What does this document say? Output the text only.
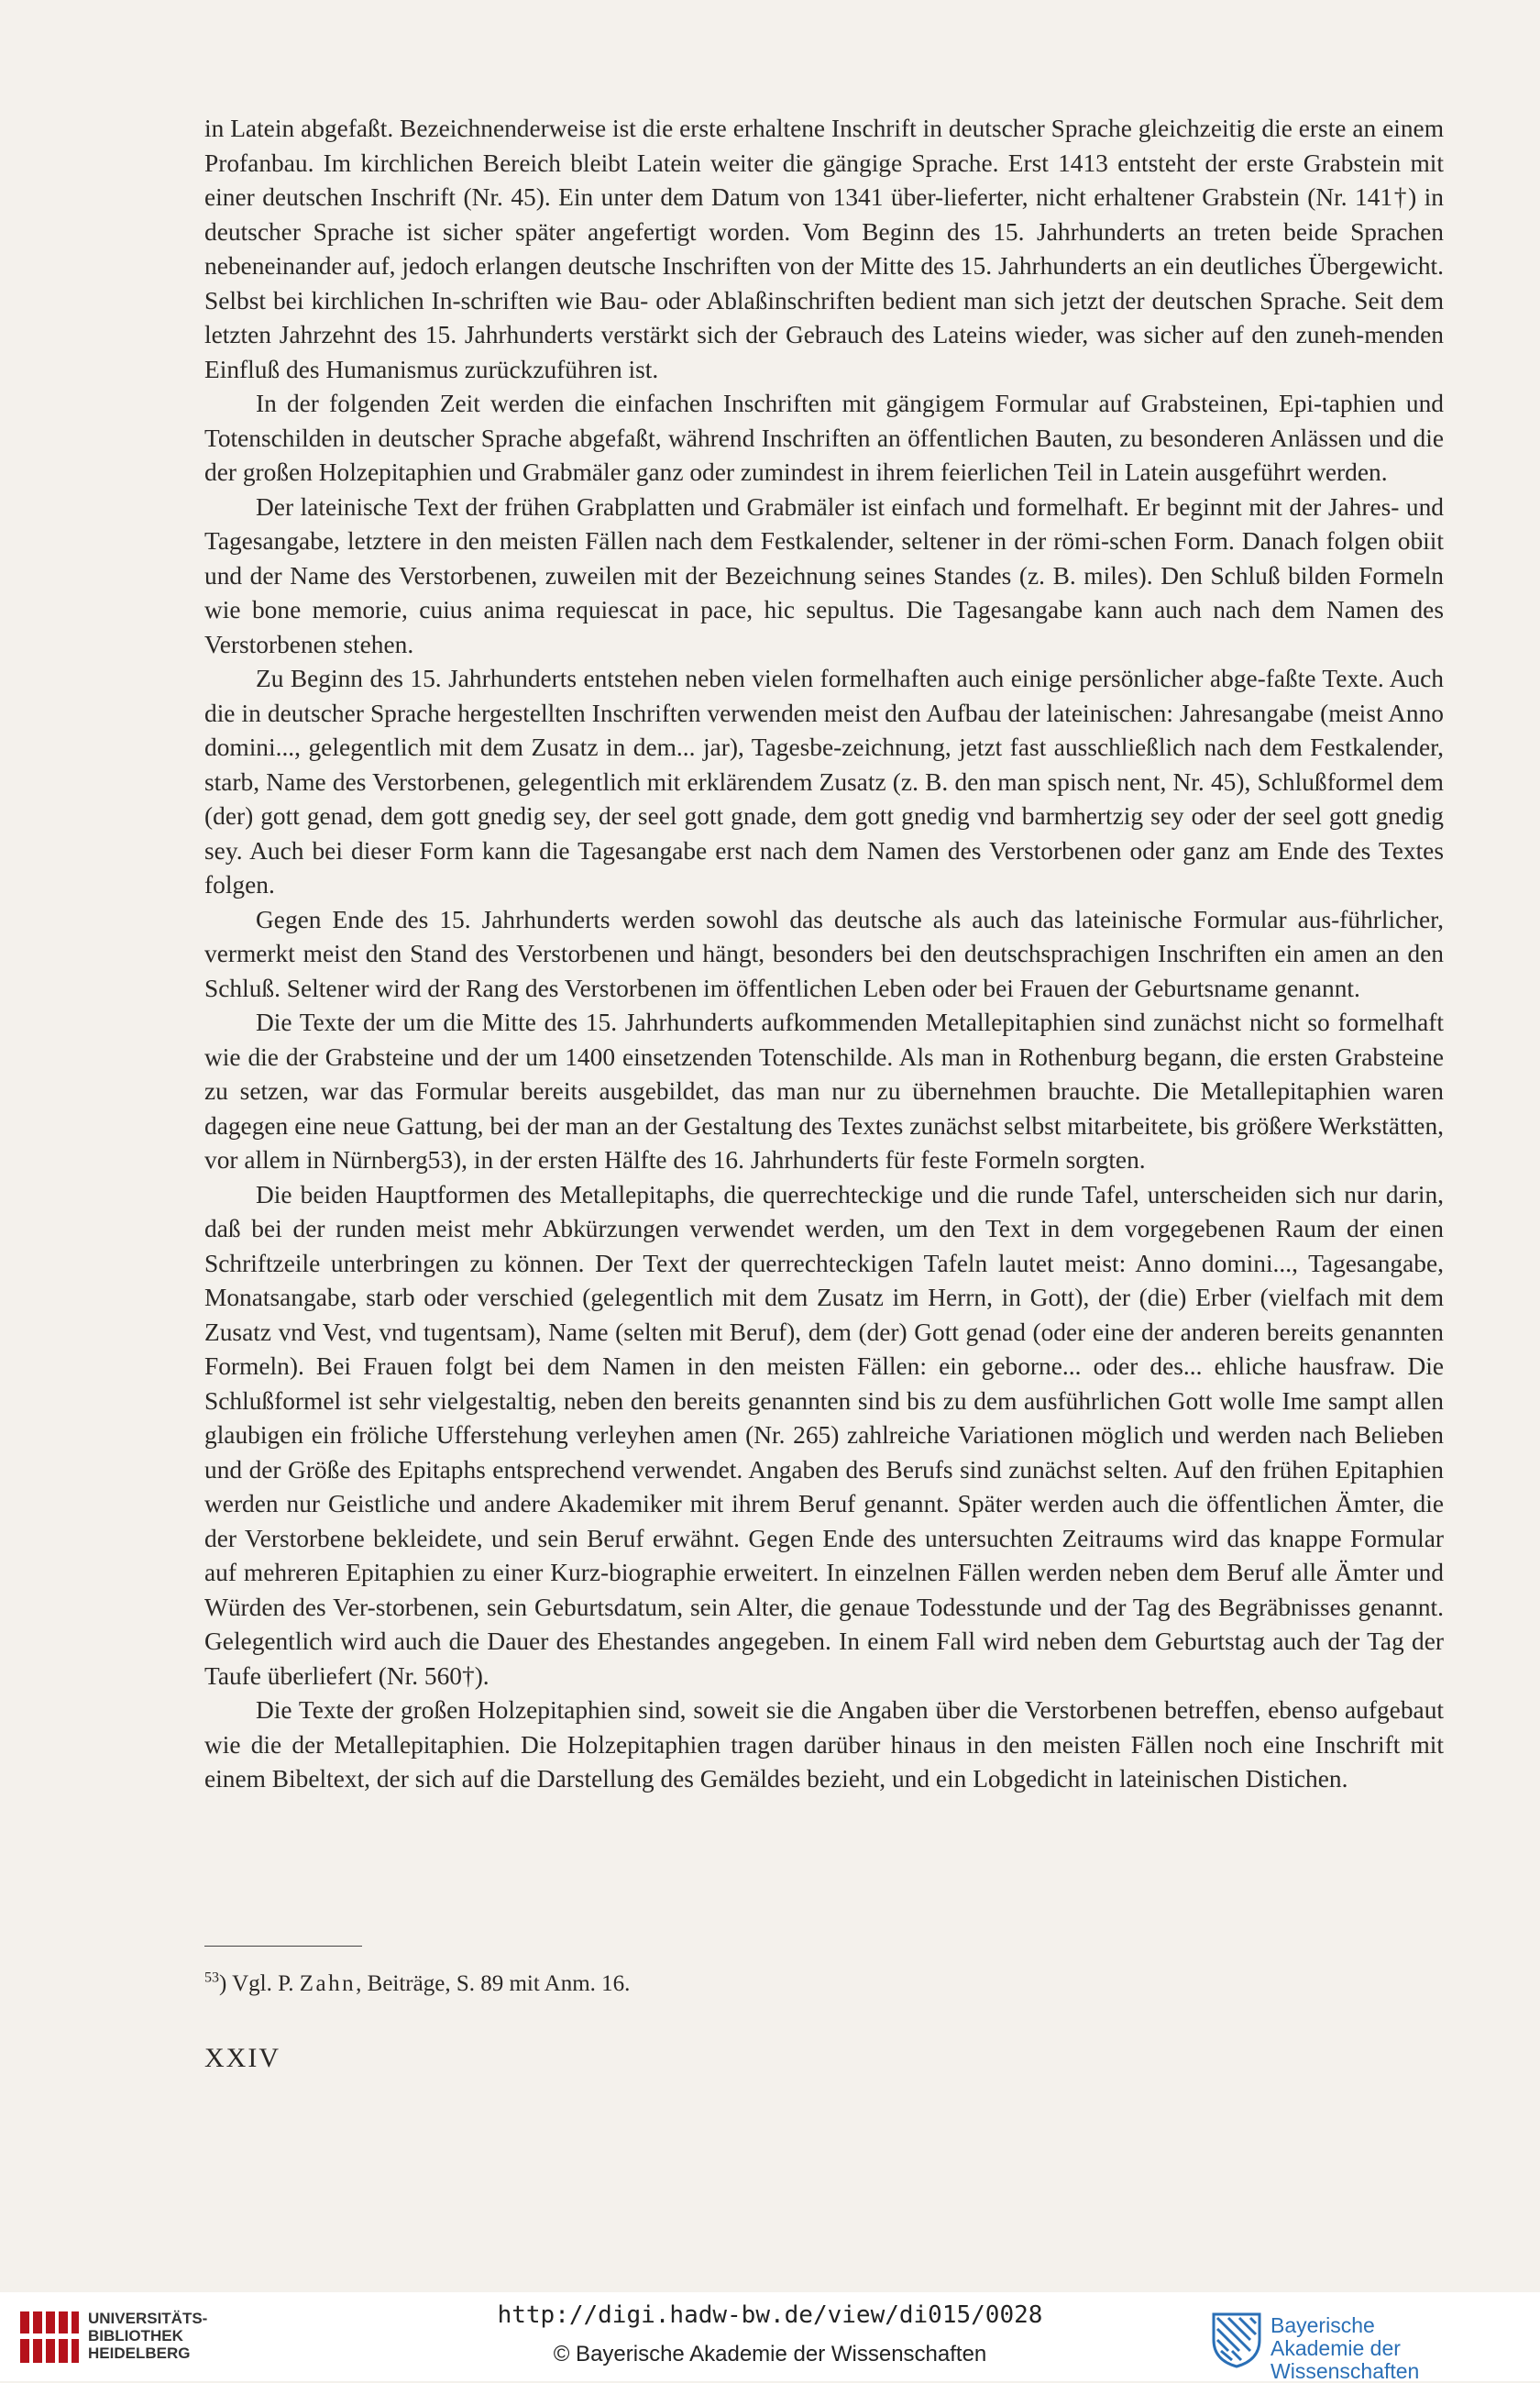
in Latein abgefaßt. Bezeichnenderweise ist die erste erhaltene Inschrift in deutscher Sprache gleichzeitig die erste an einem Profanbau. Im kirchlichen Bereich bleibt Latein weiter die gängige Sprache. Erst 1413 entsteht der erste Grabstein mit einer deutschen Inschrift (Nr. 45). Ein unter dem Datum von 1341 über-lieferter, nicht erhaltener Grabstein (Nr. 141†) in deutscher Sprache ist sicher später angefertigt worden. Vom Beginn des 15. Jahrhunderts an treten beide Sprachen nebeneinander auf, jedoch erlangen deutsche Inschriften von der Mitte des 15. Jahrhunderts an ein deutliches Übergewicht. Selbst bei kirchlichen In-schriften wie Bau- oder Ablaßinschriften bedient man sich jetzt der deutschen Sprache. Seit dem letzten Jahrzehnt des 15. Jahrhunderts verstärkt sich der Gebrauch des Lateins wieder, was sicher auf den zuneh-menden Einfluß des Humanismus zurückzuführen ist.

In der folgenden Zeit werden die einfachen Inschriften mit gängigem Formular auf Grabsteinen, Epi-taphien und Totenschilden in deutscher Sprache abgefaßt, während Inschriften an öffentlichen Bauten, zu besonderen Anlässen und die der großen Holzepitaphien und Grabmäler ganz oder zumindest in ihrem feierlichen Teil in Latein ausgeführt werden.

Der lateinische Text der frühen Grabplatten und Grabmäler ist einfach und formelhaft. Er beginnt mit der Jahres- und Tagesangabe, letztere in den meisten Fällen nach dem Festkalender, seltener in der römi-schen Form. Danach folgen obiit und der Name des Verstorbenen, zuweilen mit der Bezeichnung seines Standes (z. B. miles). Den Schluß bilden Formeln wie bone memorie, cuius anima requiescat in pace, hic sepultus. Die Tagesangabe kann auch nach dem Namen des Verstorbenen stehen.

Zu Beginn des 15. Jahrhunderts entstehen neben vielen formelhaften auch einige persönlicher abge-faßte Texte. Auch die in deutscher Sprache hergestellten Inschriften verwenden meist den Aufbau der lateinischen: Jahresangabe (meist Anno domini..., gelegentlich mit dem Zusatz in dem... jar), Tagesbe-zeichnung, jetzt fast ausschließlich nach dem Festkalender, starb, Name des Verstorbenen, gelegentlich mit erklärendem Zusatz (z. B. den man spisch nent, Nr. 45), Schlußformel dem (der) gott genad, dem gott gnedig sey, der seel gott gnade, dem gott gnedig vnd barmhertzig sey oder der seel gott gnedig sey. Auch bei dieser Form kann die Tagesangabe erst nach dem Namen des Verstorbenen oder ganz am Ende des Textes folgen.

Gegen Ende des 15. Jahrhunderts werden sowohl das deutsche als auch das lateinische Formular aus-führlicher, vermerkt meist den Stand des Verstorbenen und hängt, besonders bei den deutschsprachigen Inschriften ein amen an den Schluß. Seltener wird der Rang des Verstorbenen im öffentlichen Leben oder bei Frauen der Geburtsname genannt.

Die Texte der um die Mitte des 15. Jahrhunderts aufkommenden Metallepitaphien sind zunächst nicht so formelhaft wie die der Grabsteine und der um 1400 einsetzenden Totenschilde. Als man in Rothenburg begann, die ersten Grabsteine zu setzen, war das Formular bereits ausgebildet, das man nur zu übernehmen brauchte. Die Metallepitaphien waren dagegen eine neue Gattung, bei der man an der Gestaltung des Textes zunächst selbst mitarbeitete, bis größere Werkstätten, vor allem in Nürnberg53), in der ersten Hälfte des 16. Jahrhunderts für feste Formeln sorgten.

Die beiden Hauptformen des Metallepitaphs, die querrechteckige und die runde Tafel, unterscheiden sich nur darin, daß bei der runden meist mehr Abkürzungen verwendet werden, um den Text in dem vorgegebenen Raum der einen Schriftzeile unterbringen zu können. Der Text der querrechteckigen Tafeln lautet meist: Anno domini..., Tagesangabe, Monatsangabe, starb oder verschied (gelegentlich mit dem Zusatz im Herrn, in Gott), der (die) Erber (vielfach mit dem Zusatz vnd Vest, vnd tugentsam), Name (selten mit Beruf), dem (der) Gott genad (oder eine der anderen bereits genannten Formeln). Bei Frauen folgt bei dem Namen in den meisten Fällen: ein geborne... oder des... ehliche hausfraw. Die Schlußformel ist sehr vielgestaltig, neben den bereits genannten sind bis zu dem ausführlichen Gott wolle Ime sampt allen glaubigen ein fröliche Ufferstehung verleyhen amen (Nr. 265) zahlreiche Variationen möglich und werden nach Belieben und der Größe des Epitaphs entsprechend verwendet. Angaben des Berufs sind zunächst selten. Auf den frühen Epitaphien werden nur Geistliche und andere Akademiker mit ihrem Beruf genannt. Später werden auch die öffentlichen Ämter, die der Verstorbene bekleidete, und sein Beruf erwähnt. Gegen Ende des untersuchten Zeitraums wird das knappe Formular auf mehreren Epitaphien zu einer Kurz-biographie erweitert. In einzelnen Fällen werden neben dem Beruf alle Ämter und Würden des Ver-storbenen, sein Geburtsdatum, sein Alter, die genaue Todesstunde und der Tag des Begräbnisses genannt. Gelegentlich wird auch die Dauer des Ehestandes angegeben. In einem Fall wird neben dem Geburtstag auch der Tag der Taufe überliefert (Nr. 560†).

Die Texte der großen Holzepitaphien sind, soweit sie die Angaben über die Verstorbenen betreffen, ebenso aufgebaut wie die der Metallepitaphien. Die Holzepitaphien tragen darüber hinaus in den meisten Fällen noch eine Inschrift mit einem Bibeltext, der sich auf die Darstellung des Gemäldes bezieht, und ein Lobgedicht in lateinischen Distichen.

$^{53}$) Vgl. P. Zahn, Beiträge, S. 89 mit Anm. 16.
XXIV
UNIVERSITÄTS-
BIBLIOTHEK
HEIDELBERG
http://digi.hadw-bw.de/view/di015/0028
© Bayerische Akademie der Wissenschaften
Bayerische
Akademie der Wissenschaften
